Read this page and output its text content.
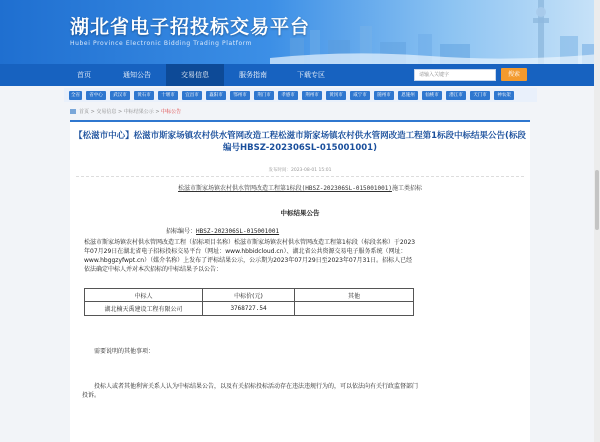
湖北省电子招投标交易平台
Hubei Province Electronic Bidding Trading Platform
首页	通知公告	交易信息	服务指南	下载专区	请输入关键字	搜索
全省	省中心	武汉市	黄石市	十堰市	宜昌市	襄阳市	鄂州市	荆门市	孝感市	荆州市	黄冈市	咸宁市	随州市	恩施州	仙桃市	潜江市	天门市	神农架
首页 > 交易信息 > 中标结果公示 > 中标公告
【松滋市中心】松滋市斯家场镇农村供水管网改造工程松滋市斯家场镇农村供水管网改造工程第1标段中标结果公告(标段编号HBSZ-202306SL-015001001)
发布时间：2023-08-01 15:01
松滋市斯家场镇农村供水管网改造工程第1标段(HBSZ-202306SL-015001001)施工类招标
中标结果公告
招标编号：HBSZ-202306SL-015001001
松滋市斯家场镇农村供水管网改造工程（招标项目名称）松滋市斯家场镇农村供水管网改造工程第1标段（标段名称）于2023年07月29日在湖北省电子招标投标交易平台（网址：www.hbbidcloud.cn）、湖北省公共资源交易电子服务系统（网址：www.hbggzyfwpt.cn）（媒介名称）上发布了评标结果公示，公示期为2023年07月29日至2023年07月31日。招标人已经依法确定中标人并对本次招标的中标结果予以公告：
中标人	中标价(元)	其他
湖北楠天禹建设工程有限公司	3768727.54	
需要说明的其他事项：
投标人或者其他利害关系人认为中标结果公告，以及有关招标投标活动存在违法违规行为的，可以依法向有关行政监督部门投诉。
